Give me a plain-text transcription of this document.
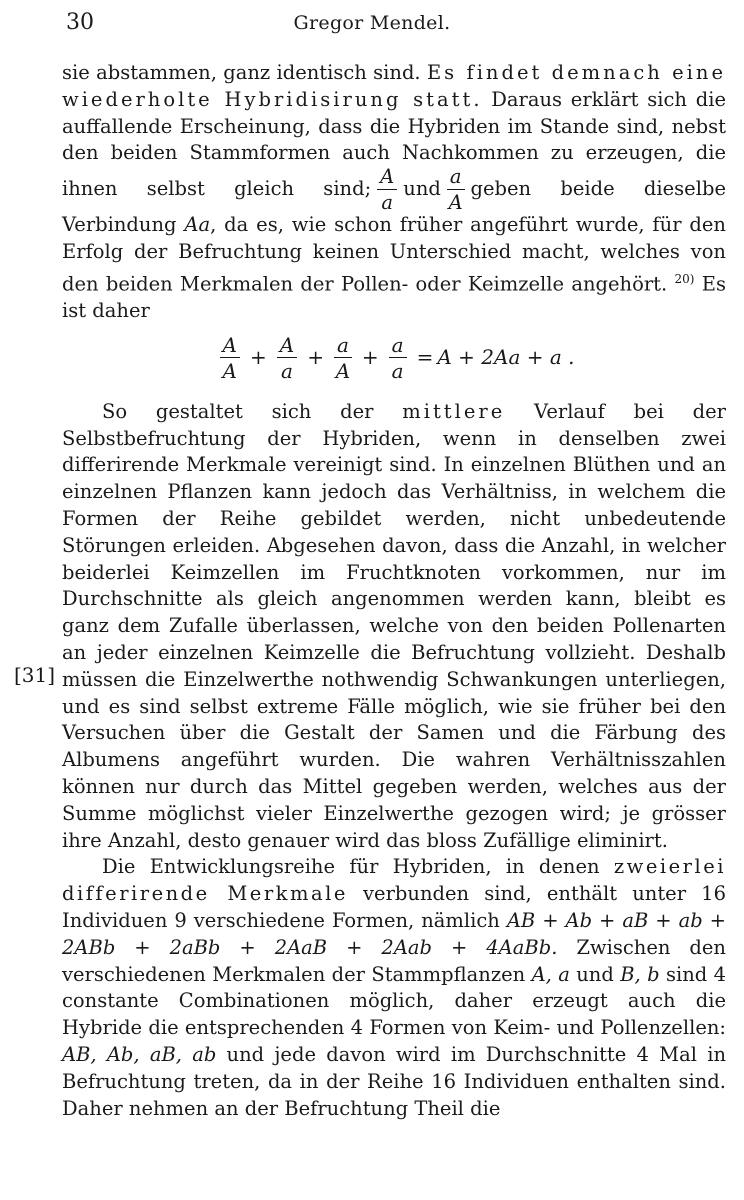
30	Gregor Mendel.
[31]

sie abstammen, ganz identisch sind. Es findet demnach eine wiederholte Hybridisirung statt. Daraus erklärt sich die auffallende Erscheinung, dass die Hybriden im Stande sind, nebst den beiden Stammformen auch Nachkommen zu erzeugen, die ihnen selbst gleich sind; $\frac{A}{a}$ und $\frac{a}{A}$ geben beide dieselbe Verbindung Aa, da es, wie schon früher angeführt wurde, für den Erfolg der Befruchtung keinen Unterschied macht, welches von den beiden Merkmalen der Pollen- oder Keimzelle angehört. $^{20)}$ Es ist daher

$\frac{A}{A} + \frac{A}{a} + \frac{a}{A} + \frac{a}{a} = A + 2Aa + a$ .

So gestaltet sich der mittlere Verlauf bei der Selbstbefruchtung der Hybriden, wenn in denselben zwei differirende Merkmale vereinigt sind. In einzelnen Blüthen und an einzelnen Pflanzen kann jedoch das Verhältniss, in welchem die Formen der Reihe gebildet werden, nicht unbedeutende Störungen erleiden. Abgesehen davon, dass die Anzahl, in welcher beiderlei Keimzellen im Fruchtknoten vorkommen, nur im Durchschnitte als gleich angenommen werden kann, bleibt es ganz dem Zufalle überlassen, welche von den beiden Pollenarten an jeder einzelnen Keimzelle die Befruchtung vollzieht. Deshalb müssen die Einzelwerthe nothwendig Schwankungen unterliegen, und es sind selbst extreme Fälle möglich, wie sie früher bei den Versuchen über die Gestalt der Samen und die Färbung des Albumens angeführt wurden. Die wahren Verhältnisszahlen können nur durch das Mittel gegeben werden, welches aus der Summe möglichst vieler Einzelwerthe gezogen wird; je grösser ihre Anzahl, desto genauer wird das bloss Zufällige eliminirt.

Die Entwicklungsreihe für Hybriden, in denen zweierlei differirende Merkmale verbunden sind, enthält unter 16 Individuen 9 verschiedene Formen, nämlich AB + Ab + aB + ab + 2ABb + 2aBb + 2AaB + 2Aab + 4AaBb. Zwischen den verschiedenen Merkmalen der Stammpflanzen A, a und B, b sind 4 constante Combinationen möglich, daher erzeugt auch die Hybride die entsprechenden 4 Formen von Keim- und Pollenzellen: AB, Ab, aB, ab und jede davon wird im Durchschnitte 4 Mal in Befruchtung treten, da in der Reihe 16 Individuen enthalten sind. Daher nehmen an der Befruchtung Theil die
